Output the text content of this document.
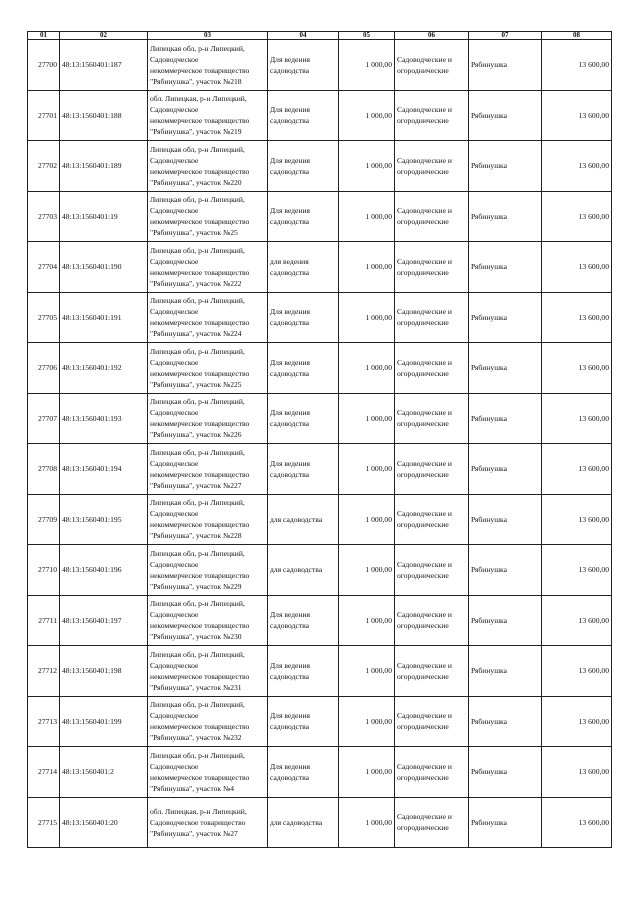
01	02	03	04	05	06	07	08
27700	48:13:1560401:187	Липецкая обл, р-н Липецкий,
Садоводческое
некоммерческое товарищество
"Рябинушка", участок №218	Для ведения
садоводства	1 000,00	Садоводческие и
огороднические	Рябинушка	13 600,00
27701	48:13:1560401:188	обл. Липецкая, р-н Липецкий,
Садоводческое
некоммерческое товарищество
"Рябинушка", участок №219	Для ведения
садоводства	1 000,00	Садоводческие и
огороднические	Рябинушка	13 600,00
27702	48:13:1560401:189	Липецкая обл, р-н Липецкий,
Садоводческое
некоммерческое товарищество
"Рябинушка", участок №220	Для ведения
садоводства	1 000,00	Садоводческие и
огороднические	Рябинушка	13 600,00
27703	48:13:1560401:19	Липецкая обл, р-н Липецкий,
Садоводческое
некоммерческое товарищество
"Рябинушка", участок №25	Для ведения
садоводства	1 000,00	Садоводческие и
огороднические	Рябинушка	13 600,00
27704	48:13:1560401:190	Липецкая обл, р-н Липецкий,
Садоводческое
некоммерческое товарищество
"Рябинушка", участок №222	для ведения
садоводства	1 000,00	Садоводческие и
огороднические	Рябинушка	13 600,00
27705	48:13:1560401:191	Липецкая обл, р-н Липецкий,
Садоводческое
некоммерческое товарищество
"Рябинушка", участок №224	Для ведения
садоводства	1 000,00	Садоводческие и
огороднические	Рябинушка	13 600,00
27706	48:13:1560401:192	Липецкая обл, р-н Липецкий,
Садоводческое
некоммерческое товарищество
"Рябинушка", участок №225	Для ведения
садоводства	1 000,00	Садоводческие и
огороднические	Рябинушка	13 600,00
27707	48:13:1560401:193	Липецкая обл, р-н Липецкий,
Садоводческое
некоммерческое товарищество
"Рябинушка", участок №226	Для ведения
садоводства	1 000,00	Садоводческие и
огороднические	Рябинушка	13 600,00
27708	48:13:1560401:194	Липецкая обл, р-н Липецкий,
Садоводческое
некоммерческое товарищество
"Рябинушка", участок №227	Для ведения
садоводства	1 000,00	Садоводческие и
огороднические	Рябинушка	13 600,00
27709	48:13:1560401:195	Липецкая обл, р-н Липецкий,
Садоводческое
некоммерческое товарищество
"Рябинушка", участок №228	для садоводства	1 000,00	Садоводческие и
огороднические	Рябинушка	13 600,00
27710	48:13:1560401:196	Липецкая обл, р-н Липецкий,
Садоводческое
некоммерческое товарищество
"Рябинушка", участок №229	для садоводства	1 000,00	Садоводческие и
огороднические	Рябинушка	13 600,00
27711	48:13:1560401:197	Липецкая обл, р-н Липецкий,
Садоводческое
некоммерческое товарищество
"Рябинушка", участок №230	Для ведения
садоводства	1 000,00	Садоводческие и
огороднические	Рябинушка	13 600,00
27712	48:13:1560401:198	Липецкая обл, р-н Липецкий,
Садоводческое
некоммерческое товарищество
"Рябинушка", участок №231	Для ведения
садоводства	1 000,00	Садоводческие и
огороднические	Рябинушка	13 600,00
27713	48:13:1560401:199	Липецкая обл, р-н Липецкий,
Садоводческое
некоммерческое товарищество
"Рябинушка", участок №232	Для ведения
садоводства	1 000,00	Садоводческие и
огороднические	Рябинушка	13 600,00
27714	48:13:1560401:2	Липецкая обл, р-н Липецкий,
Садоводческое
некоммерческое товарищество
"Рябинушка", участок №4	Для ведения
садоводства	1 000,00	Садоводческие и
огороднические	Рябинушка	13 600,00
27715	48:13:1560401:20	обл. Липецкая, р-н Липецкий,
Садоводческое товарищество
"Рябинушка", участок №27	для садоводства	1 000,00	Садоводческие и
огороднические	Рябинушка	13 600,00
